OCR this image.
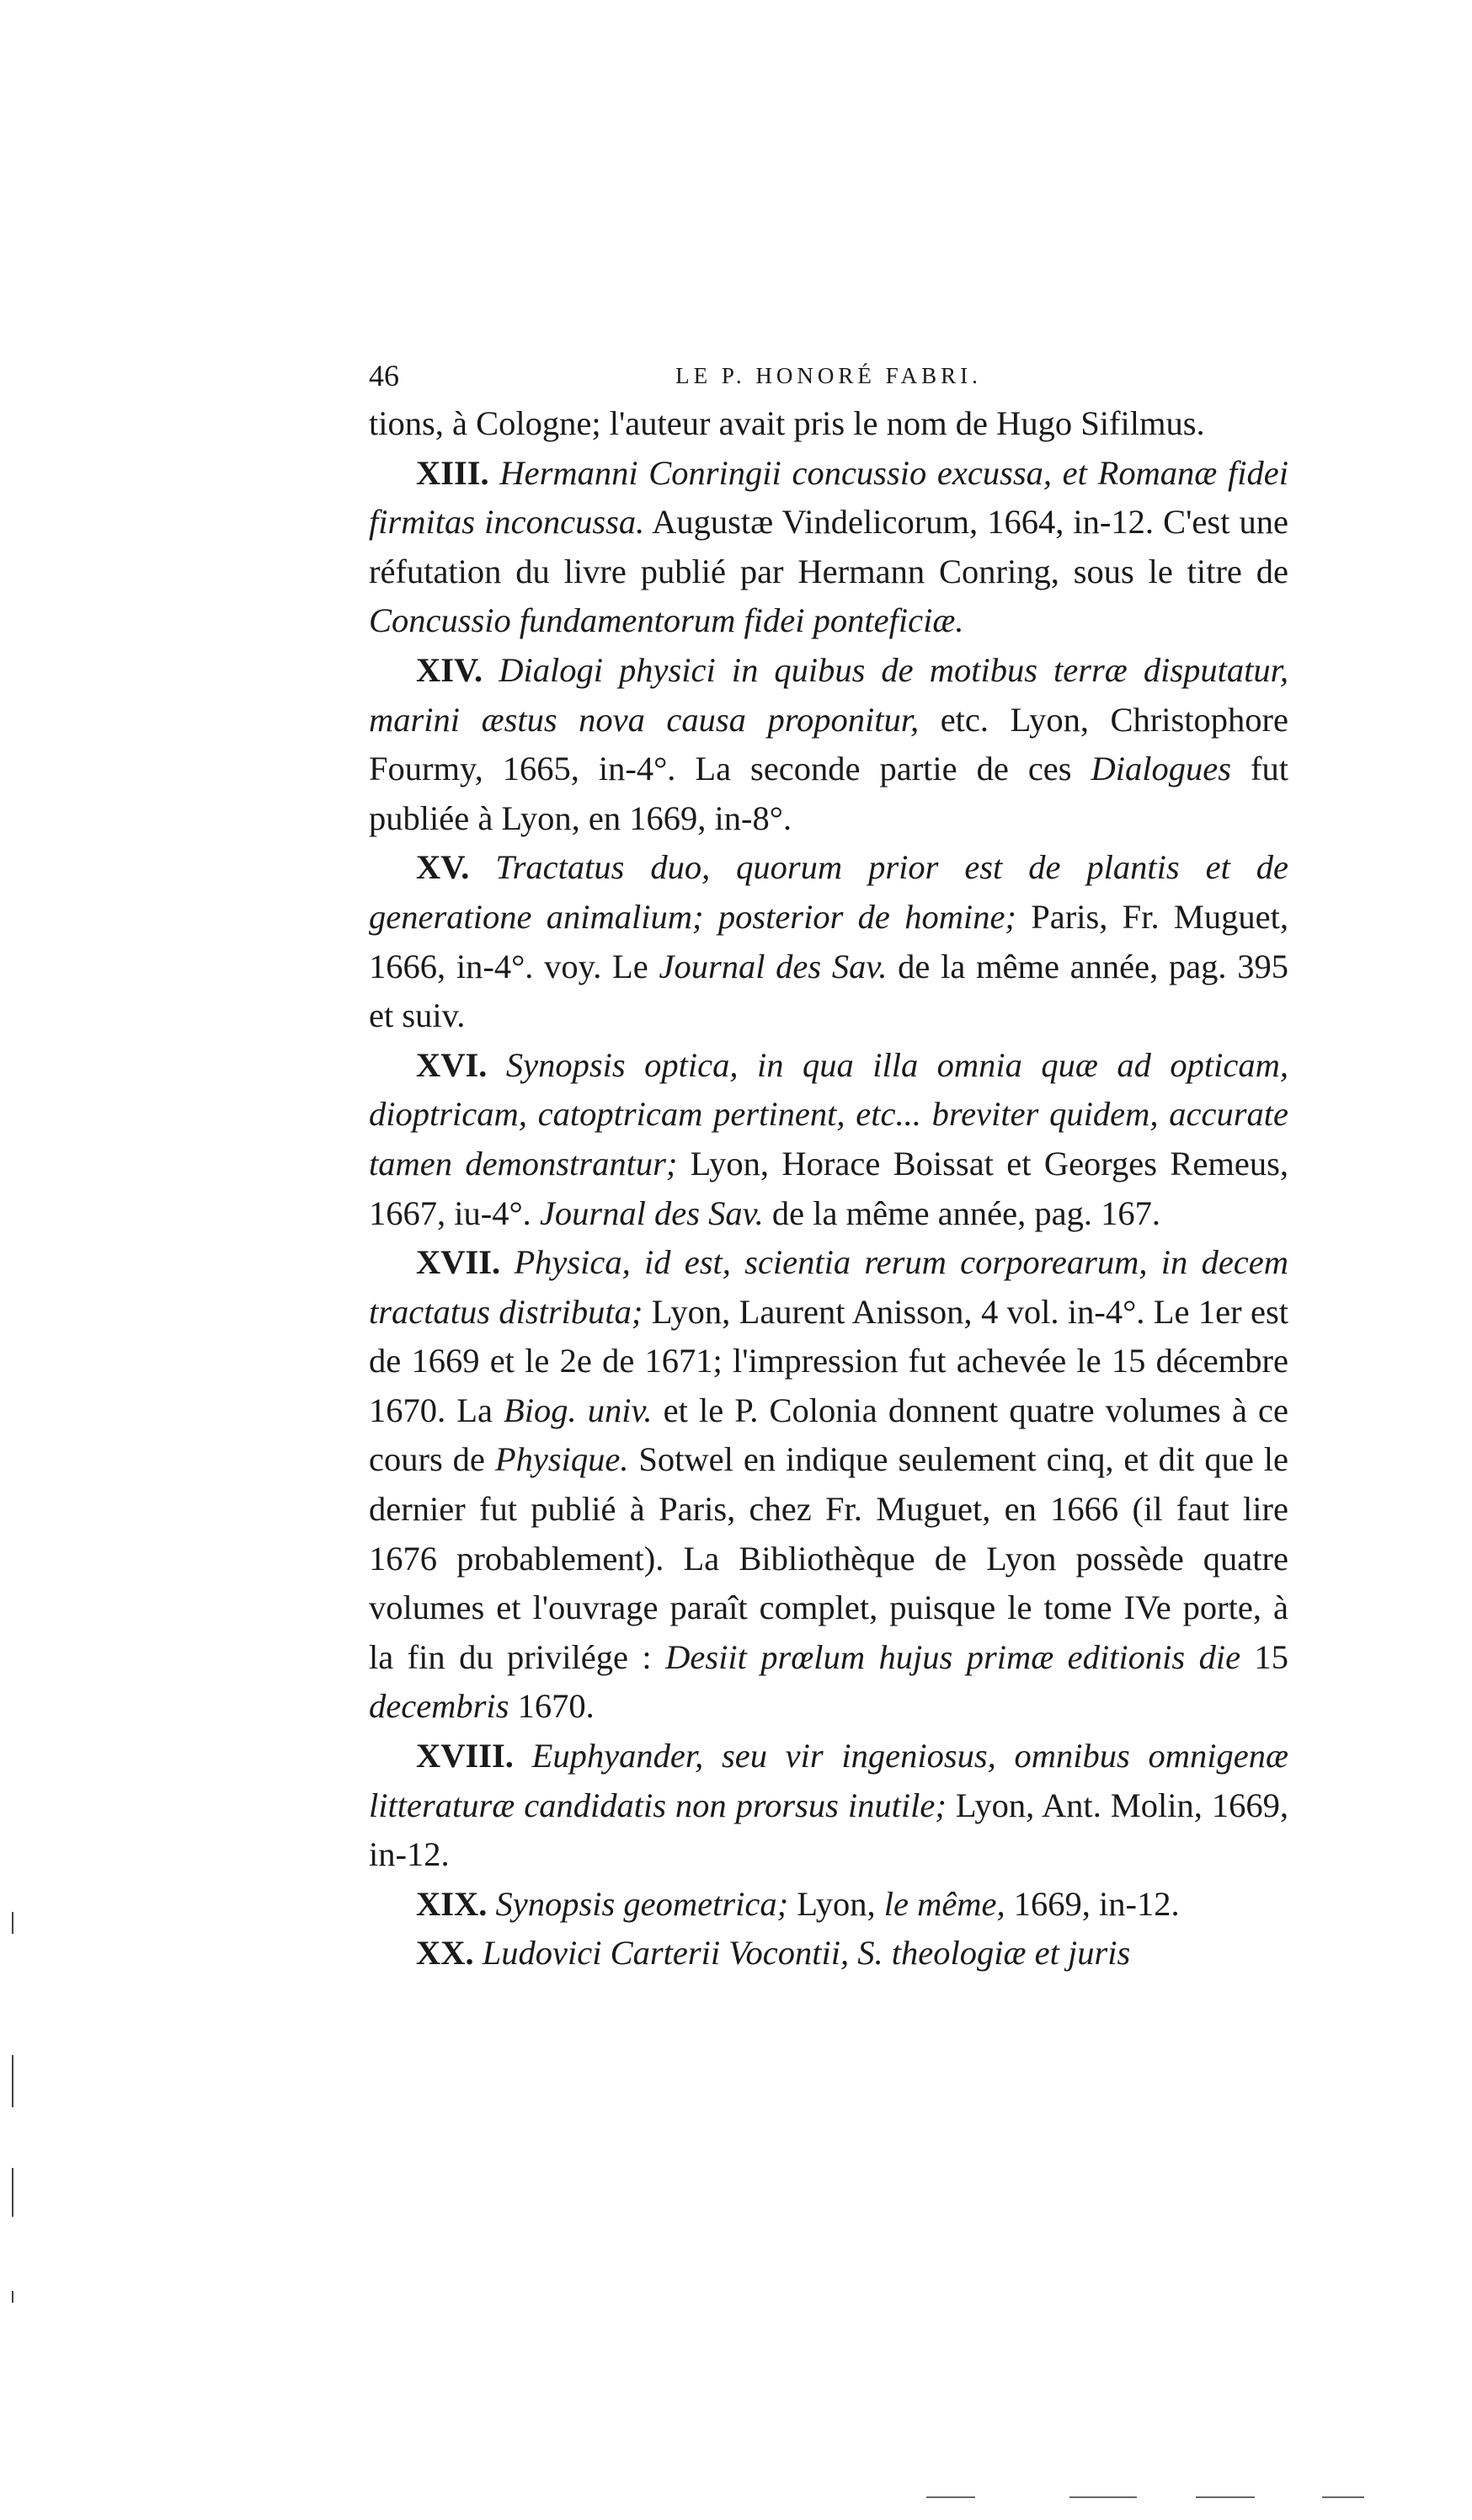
46	LE P. HONORÉ FABRI.

tions, à Cologne; l'auteur avait pris le nom de Hugo Sifilmus.

XIII. Hermanni Conringii concussio excussa, et Romanæ fidei firmitas inconcussa. Augustæ Vindelicorum, 1664, in-12. C'est une réfutation du livre publié par Hermann Conring, sous le titre de Concussio fundamentorum fidei ponteficiæ.

XIV. Dialogi physici in quibus de motibus terræ disputatur, marini æstus nova causa proponitur, etc. Lyon, Christophore Fourmy, 1665, in-4°. La seconde partie de ces Dialogues fut publiée à Lyon, en 1669, in-8°.

XV. Tractatus duo, quorum prior est de plantis et de generatione animalium; posterior de homine; Paris, Fr. Muguet, 1666, in-4°. voy. Le Journal des Sav. de la même année, pag. 395 et suiv.

XVI. Synopsis optica, in qua illa omnia quæ ad opticam, dioptricam, catoptricam pertinent, etc... breviter quidem, accurate tamen demonstrantur; Lyon, Horace Boissat et Georges Remeus, 1667, iu-4°. Journal des Sav. de la même année, pag. 167.

XVII. Physica, id est, scientia rerum corporearum, in decem tractatus distributa; Lyon, Laurent Anisson, 4 vol. in-4°. Le 1er est de 1669 et le 2e de 1671; l'impression fut achevée le 15 décembre 1670. La Biog. univ. et le P. Colonia donnent quatre volumes à ce cours de Physique. Sotwel en indique seulement cinq, et dit que le dernier fut publié à Paris, chez Fr. Muguet, en 1666 (il faut lire 1676 probablement). La Bibliothèque de Lyon possède quatre volumes et l'ouvrage paraît complet, puisque le tome IVe porte, à la fin du privilége : Desiit prœlum hujus primæ editionis die 15 decembris 1670.

XVIII. Euphyander, seu vir ingeniosus, omnibus omnigenæ litteraturæ candidatis non prorsus inutile; Lyon, Ant. Molin, 1669, in-12.

XIX. Synopsis geometrica; Lyon, le même, 1669, in-12.

XX. Ludovici Carterii Vocontii, S. theologiæ et juris
